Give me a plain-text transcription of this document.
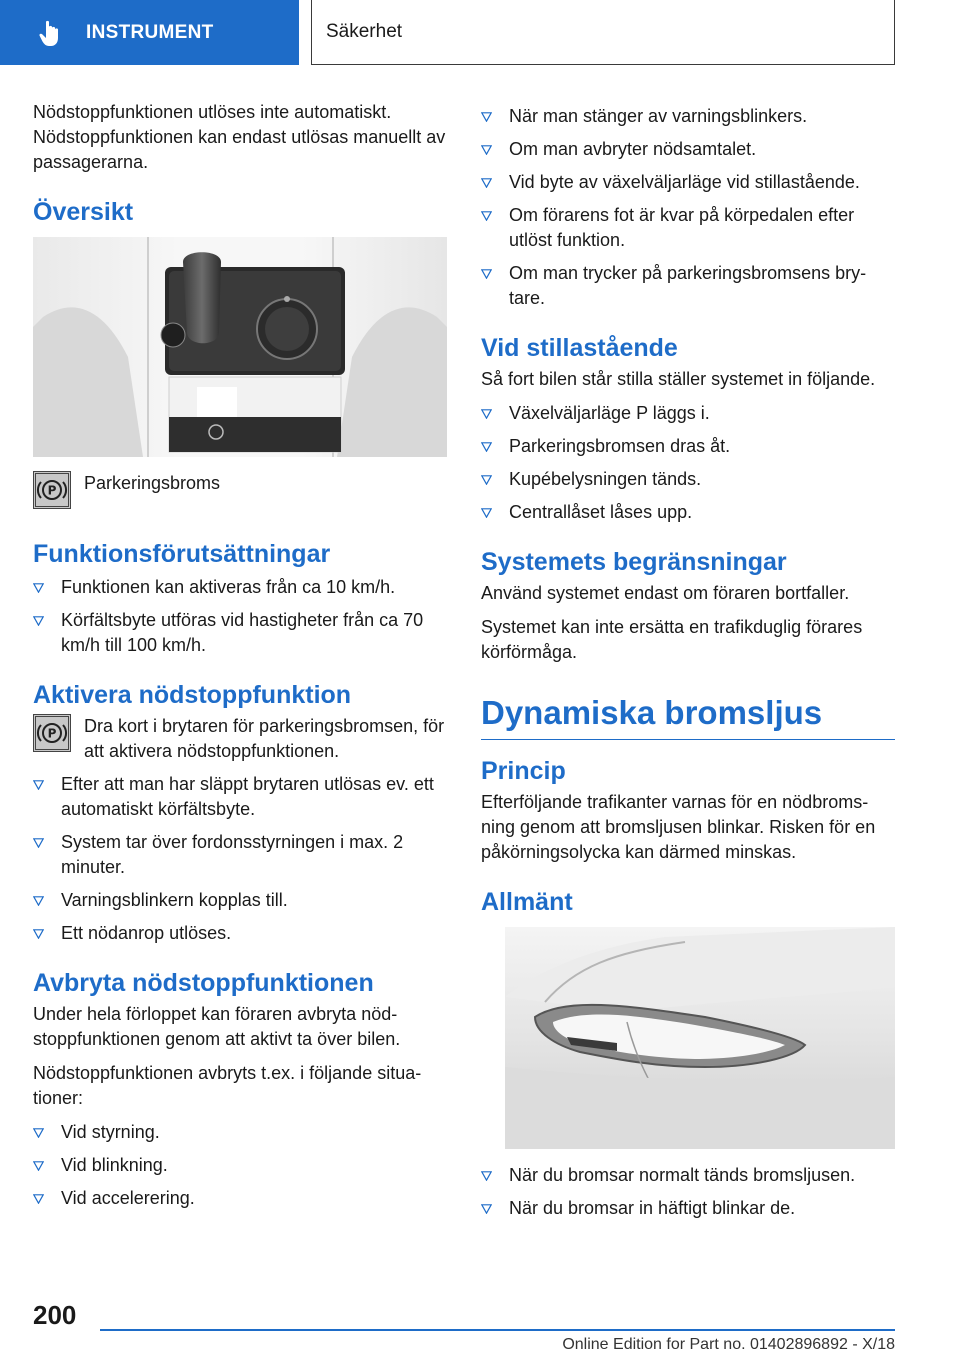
INSTRUMENT	Säkerhet

Nödstoppfunktionen utlöses inte automatiskt. Nödstoppfunktionen kan endast utlösas manuellt av passagerarna.

Översikt
P Parkeringsbroms
Funktionsförutsättningar
Funktionen kan aktiveras från ca 10 km/h.
Körfältsbyte utföras vid hastigheter från ca 70 km/h till 100 km/h.
Aktivera nödstoppfunktion
P Dra kort i brytaren för parkeringsbromsen, för att aktivera nödstoppfunktionen.
Efter att man har släppt brytaren utlösas ev. ett automatiskt körfältsbyte.
System tar över fordonsstyrningen i max. 2 minuter.
Varningsblinkern kopplas till.
Ett nödanrop utlöses.
Avbryta nödstoppfunktionen

Under hela förloppet kan föraren avbryta nödstoppfunktionen genom att aktivt ta över bilen.

Nödstoppfunktionen avbryts t.ex. i följande situationer:

Vid styrning.
Vid blinkning.
Vid accelerering.
När man stänger av varningsblinkers.
Om man avbryter nödsamtalet.
Vid byte av växelväljarläge vid stillastående.
Om förarens fot är kvar på körpedalen efter utlöst funktion.
Om man trycker på parkeringsbromsens brytare.
Vid stillastående

Så fort bilen står stilla ställer systemet in följande.

Växelväljarläge P läggs i.
Parkeringsbromsen dras åt.
Kupébelysningen tänds.
Centrallåset låses upp.
Systemets begränsningar

Använd systemet endast om föraren bortfaller.

Systemet kan inte ersätta en trafikduglig förares körförmåga.

Dynamiska bromsljus
Princip

Efterföljande trafikanter varnas för en nödbromsning genom att bromsljusen blinkar. Risken för en påkörningsolycka kan därmed minskas.

Allmänt
När du bromsar normalt tänds bromsljusen.
När du bromsar in häftigt blinkar de.
200
Online Edition for Part no. 01402896892 - X/18
